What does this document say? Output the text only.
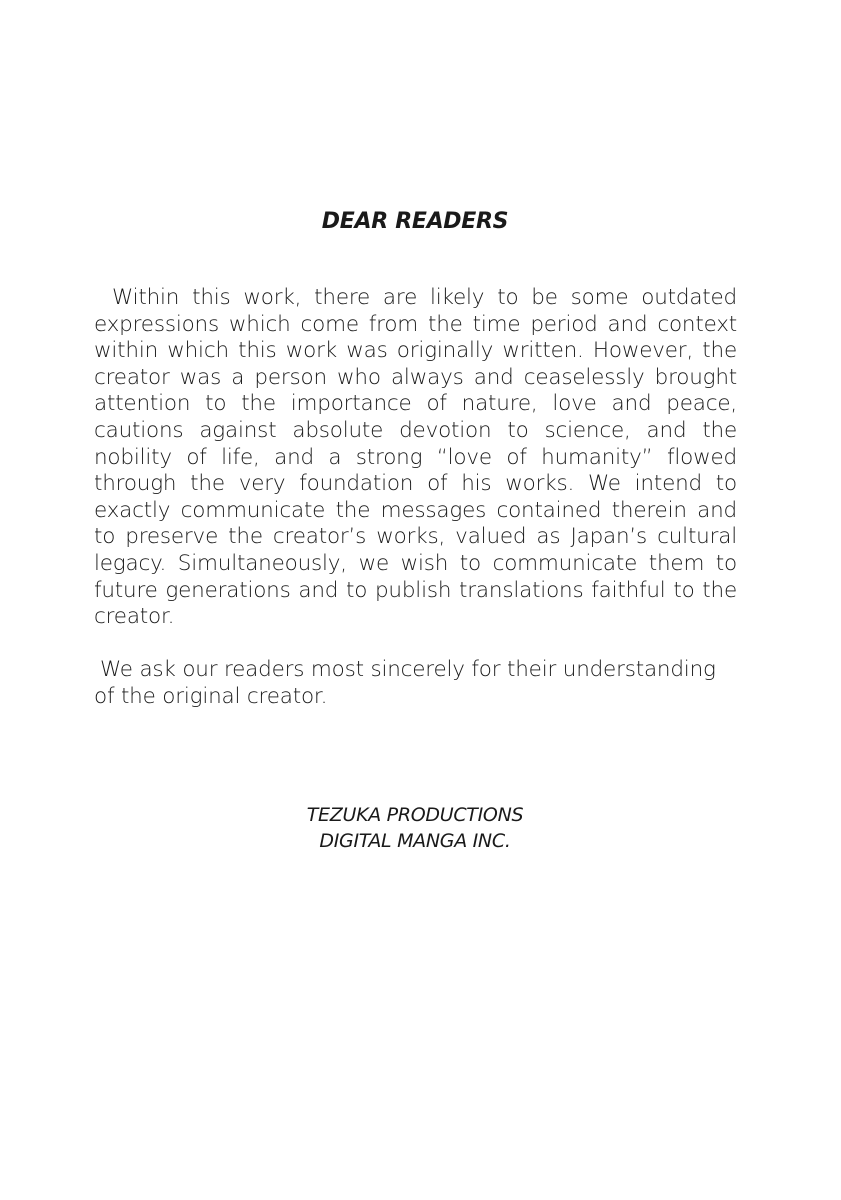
DEAR READERS

Within this work, there are likely to be some outdated expressions which come from the time period and context within which this work was originally written. However, the creator was a person who always and ceaselessly brought attention to the importance of nature, love and peace, cautions against absolute devotion to science, and the nobility of life, and a strong “love of humanity” flowed through the very foundation of his works. We intend to exactly communicate the messages contained therein and to preserve the creator’s works, valued as Japan’s cultural legacy. Simultaneously, we wish to communicate them to future generations and to publish translations faithful to the creator.

We ask our readers most sincerely for their understanding of the original creator.

TEZUKA PRODUCTIONS
DIGITAL MANGA INC.
